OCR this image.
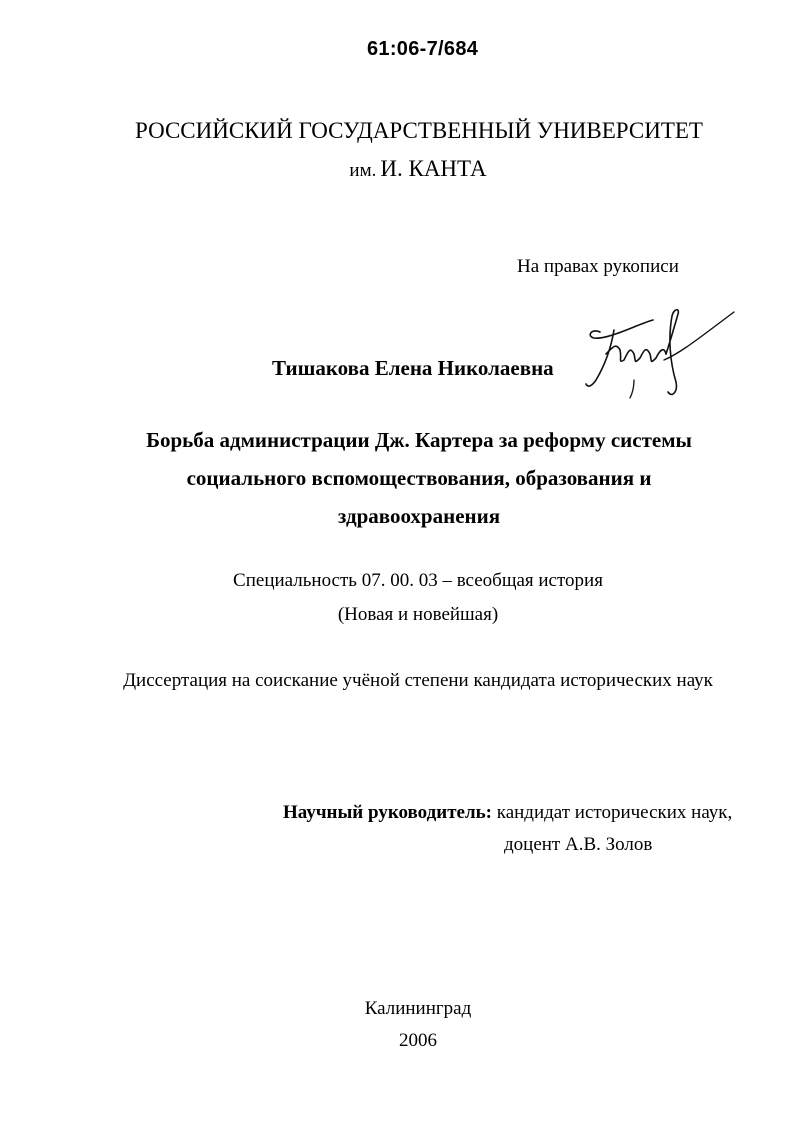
61:06-7/684
РОССИЙСКИЙ ГОСУДАРСТВЕННЫЙ УНИВЕРСИТЕТ
им. И. КАНТА
На правах рукописи
Тишакова Елена Николаевна
Борьба администрации Дж. Картера за реформу системы
социального вспомоществования, образования и
здравоохранения
Специальность 07. 00. 03 – всеобщая история
(Новая и новейшая)
Диссертация на соискание учёной степени кандидата исторических наук
Научный руководитель: кандидат исторических наук,
доцент А.В. Золов
Калининград
2006
